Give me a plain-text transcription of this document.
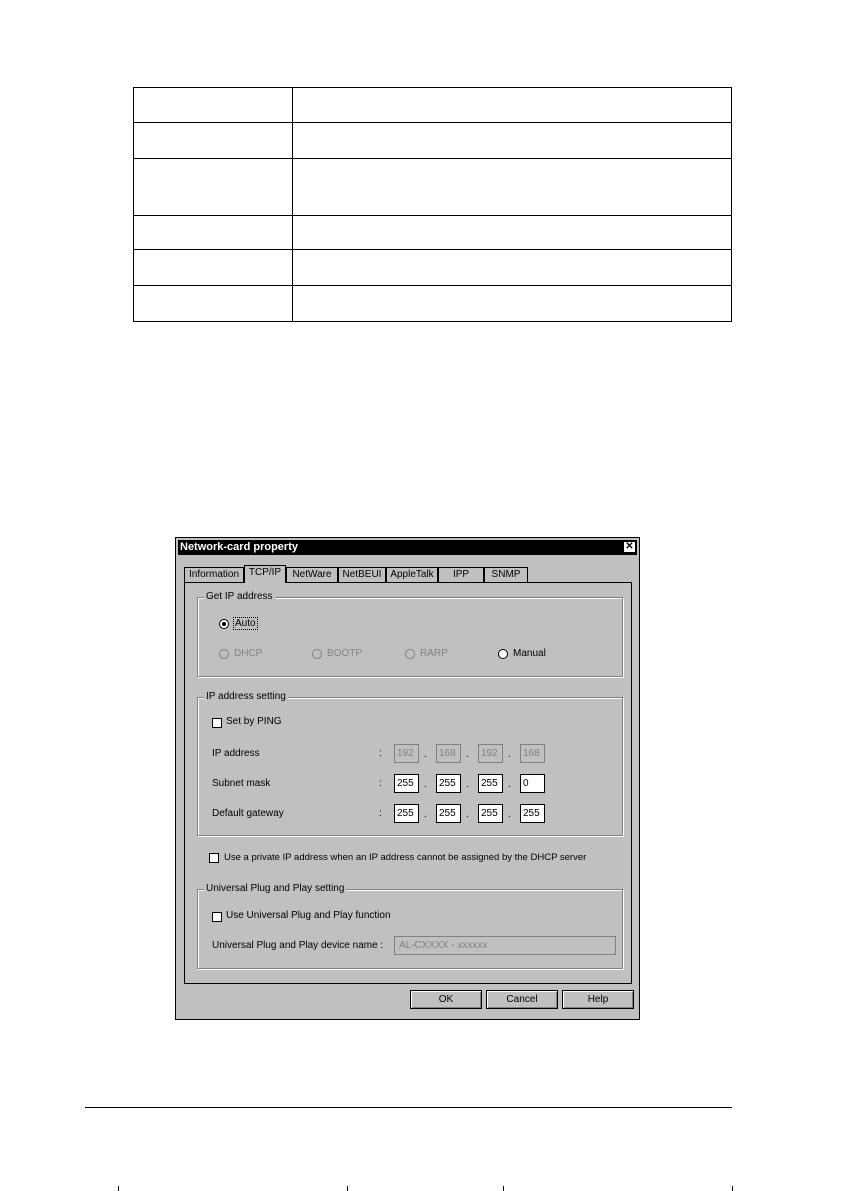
Network-card property	✕
Information TCP/IP	NetWare	NetBEUI AppleTalk	IPP	SNMP
Get IP address
Auto
DHCP	BOOTP	RARP	Manual
IP address setting
Set by PING
IP address	:	192	.	168	.	192	.	168
Subnet mask	:	255	.	255	.	255	.	0
Default gateway	:	255	.	255	.	255	.	255
Use a private IP address when an IP address cannot be assigned by the DHCP server
Universal Plug and Play setting
Use Universal Plug and Play function
Universal Plug and Play device name :	AL-CXXXX - xxxxxx
OK	Cancel	Help
